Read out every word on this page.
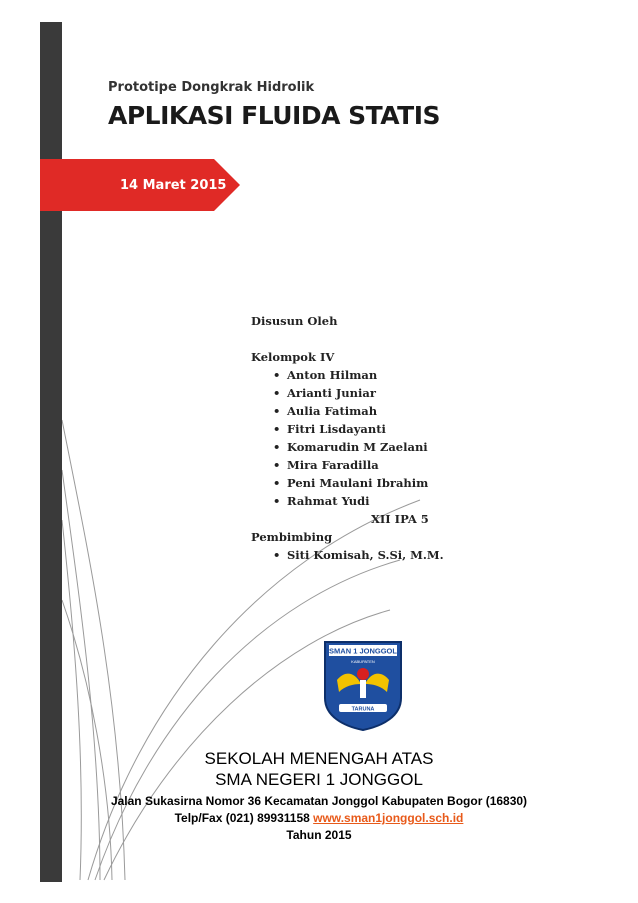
Prototipe Dongkrak Hidrolik
APLIKASI FLUIDA STATIS
14 Maret 2015
Disusun Oleh
Kelompok IV
• Anton Hilman
• Arianti Juniar
• Aulia Fatimah
• Fitri Lisdayanti
• Komarudin M Zaelani
• Mira Faradilla
• Peni Maulani Ibrahim
• Rahmat Yudi
XII IPA 5
Pembimbing
• Siti Komisah, S.Si, M.M.
SMAN 1 JONGGOL
KABUPATEN
TARUNA
SEKOLAH MENENGAH ATAS
SMA NEGERI 1 JONGGOL
Jalan Sukasirna Nomor 36 Kecamatan Jonggol Kabupaten Bogor (16830)
Telp/Fax (021) 89931158 www.sman1jonggol.sch.id
Tahun 2015
